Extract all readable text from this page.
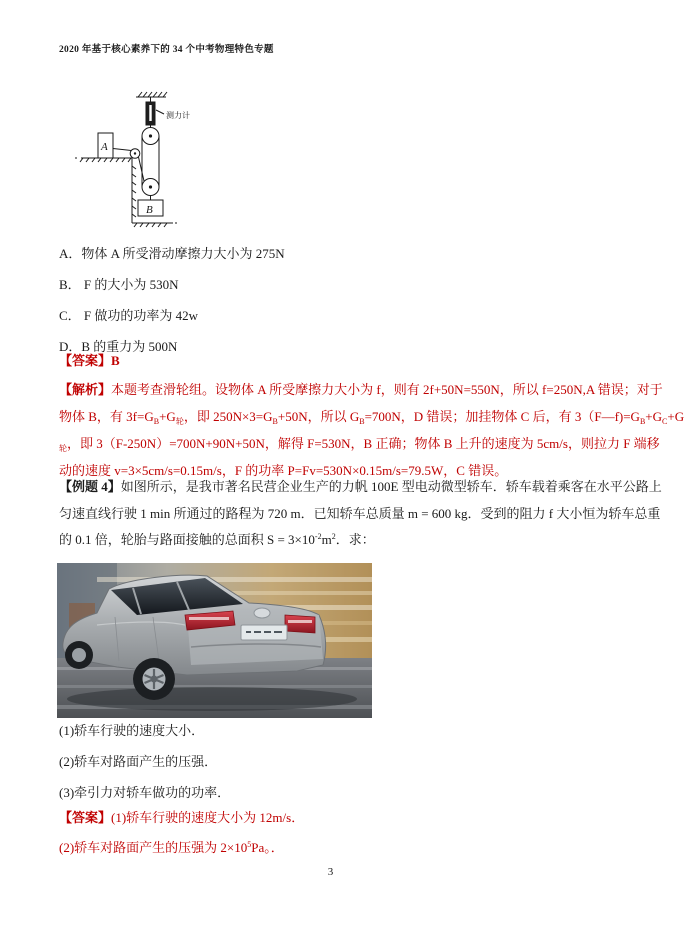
2020 年基于核心素养下的 34 个中考物理特色专题
测力计
B
A
A．物体 A 所受滑动摩擦力大小为 275N
B． F 的大小为 530N
C． F 做功的功率为 42w
D．B 的重力为 500N
【答案】B
【解析】本题考查滑轮组。设物体 A 所受摩擦力大小为 f，则有 2f+50N=550N，所以 f=250N,A 错误；对于
物体 B，有 $3f=G_B+G_轮$，即 $250N\times 3=G_B+50N$，所以 $G_B=700N$，D 错误；加挂物体 C 后，有 $3(F—f)=G_B+G_C+G$
$_轮$，即 3（F-250N）=700N+90N+50N，解得 F=530N，B 正确；物体 B 上升的速度为 5cm/s，则拉力 F 端移
动的速度 v=3×5cm/s=0.15m/s，F 的功率 P=Fv=530N×0.15m/s=79.5W，C 错误。
【例题 4】如图所示，是我市著名民营企业生产的力帆 100E 型电动微型轿车．轿车载着乘客在水平公路上
匀速直线行驶 1 min 所通过的路程为 720 m．已知轿车总质量 m = 600 kg．受到的阻力 f 大小恒为轿车总重
的 0.1 倍，轮胎与路面接触的总面积 $S = 3\times 10^{-2}m^2$．求：
(1)轿车行驶的速度大小．
(2)轿车对路面产生的压强．
(3)牵引力对轿车做功的功率．
【答案】(1)轿车行驶的速度大小为 12m/s．
(2)轿车对路面产生的压强为 $2\times 10^5Pa$。．
3
